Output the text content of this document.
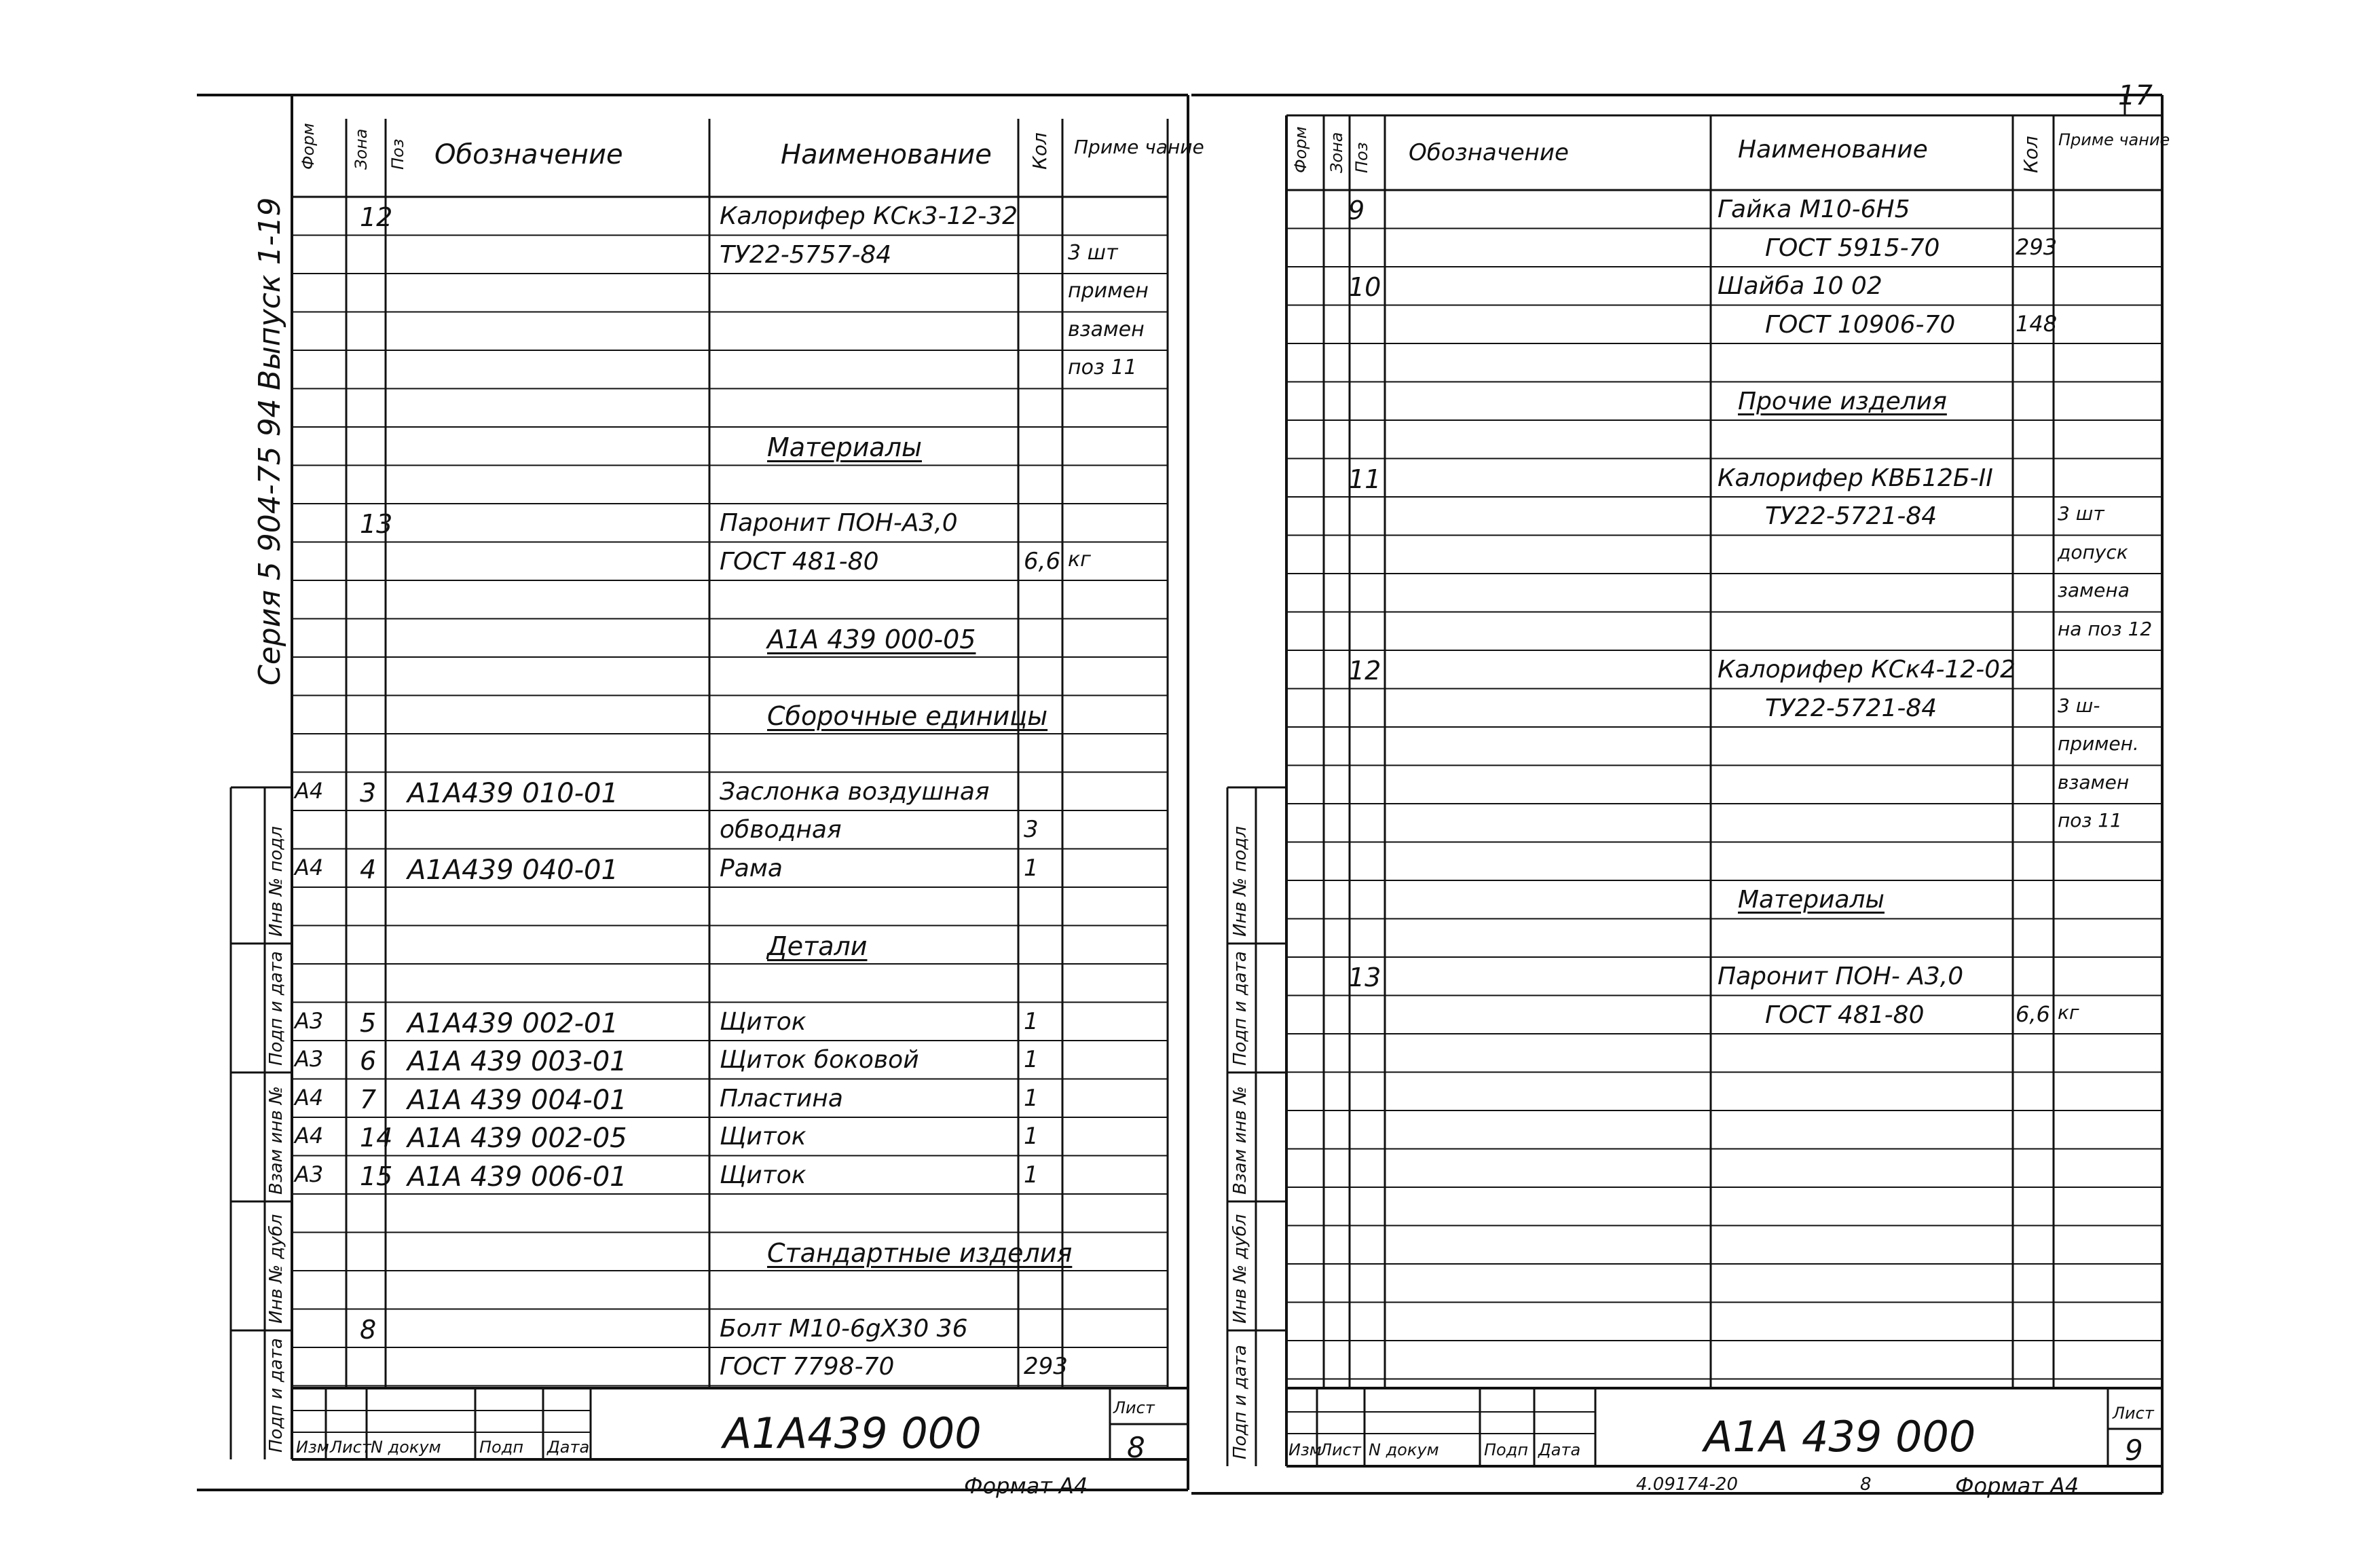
Серия 5 904-75 94
Выпуск 1-19
Инв № подл
Подп и дата
Взам инв №
Инв № дубл
Подп и дата
Форм Зона Поз Обозначение	Наименование Кол Приме чание
12	Калорифер КСк3-12-32
ТУ22-5757-84	3 шт
примен
взамен
поз 11
Материалы
13	Паронит ПОН-А3,0
ГОСТ 481-80	6,6 кг
А1А 439 000-05
Сборочные единицы
А4 3 А1А439 010-01	Заслонка воздушная
обводная	3
А4 4 А1А439 040-01	Рама	1
Детали
А3 5 А1А439 002-01	Щиток	1
А3 6 А1А 439 003-01	Щиток боковой	1
А4 7 А1А 439 004-01	Пластина	1
А4 14 А1А 439 002-05	Щиток	1
А3 15 А1А 439 006-01	Щиток	1
Стандартные изделия
8	Болт М10-6gХ30 36
ГОСТ 7798-70	293
Изм Лист N докум Подп Дата	А1А439 000
Лист
8
Формат А4
17
Инв № подл
Подп и дата
Взам инв №
Инв № дубл
Подп и дата
Форм Зона Поз Обозначение	Наименование	Кол Приме чание
9	Гайка М10-6Н5
ГОСТ 5915-70	293
10	Шайба 10 02
ГОСТ 10906-70	148
Прочие изделия
11	Калорифер КВБ12Б-II
ТУ22-5721-84	3 шт
допуск
замена
на поз 12
12	Калорифер КСк4-12-02
ТУ22-5721-84	3 ш-
примен.
взамен
поз 11
Материалы
13	Паронит ПОН- А3,0
ГОСТ 481-80	6,6 кг
Изм
Лист N докум	Подп Дата	А1А 439 000	Лист
9
4.09174-20	8	Формат А4
